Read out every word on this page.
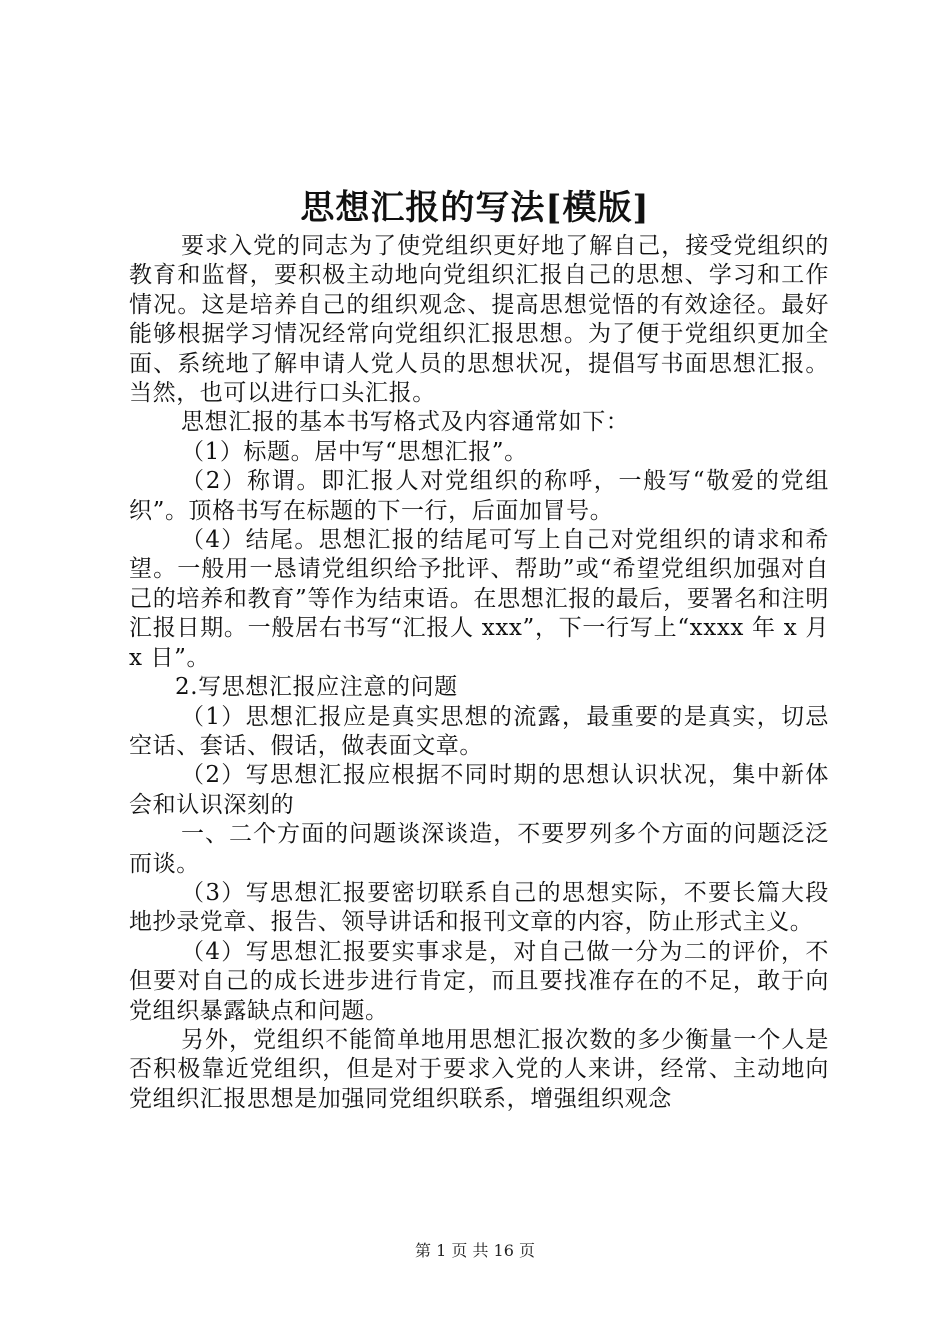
思想汇报的写法[模版]

要求入党的同志为了使党组织更好地了解自己，接受党组织的教育和监督，要积极主动地向党组织汇报自己的思想、学习和工作情况。这是培养自己的组织观念、提高思想觉悟的有效途径。最好能够根据学习情况经常向党组织汇报思想。为了便于党组织更加全面、系统地了解申请人党人员的思想状况，提倡写书面思想汇报。当然，也可以进行口头汇报。

思想汇报的基本书写格式及内容通常如下：

（1）标题。居中写“思想汇报”。

（2）称谓。即汇报人对党组织的称呼，一般写“敬爱的党组织”。顶格书写在标题的下一行，后面加冒号。

（4）结尾。思想汇报的结尾可写上自己对党组织的请求和希望。一般用一恳请党组织给予批评、帮助”或“希望党组织加强对自己的培养和教育”等作为结束语。在思想汇报的最后，要署名和注明汇报日期。一般居右书写“汇报人 xxx”，下一行写上“xxxx 年 x 月 x 日”。

2.写思想汇报应注意的问题

（1）思想汇报应是真实思想的流露，最重要的是真实，切忌空话、套话、假话，做表面文章。

（2）写思想汇报应根据不同时期的思想认识状况，集中新体会和认识深刻的

一、二个方面的问题谈深谈造，不要罗列多个方面的问题泛泛而谈。

（3）写思想汇报要密切联系自己的思想实际，不要长篇大段地抄录党章、报告、领导讲话和报刊文章的内容，防止形式主义。

（4）写思想汇报要实事求是，对自己做一分为二的评价，不但要对自己的成长进步进行肯定，而且要找准存在的不足，敢于向党组织暴露缺点和问题。

另外，党组织不能简单地用思想汇报次数的多少衡量一个人是否积极靠近党组织，但是对于要求入党的人来讲，经常、主动地向党组织汇报思想是加强同党组织联系，增强组织观念

第 1 页 共 16 页
